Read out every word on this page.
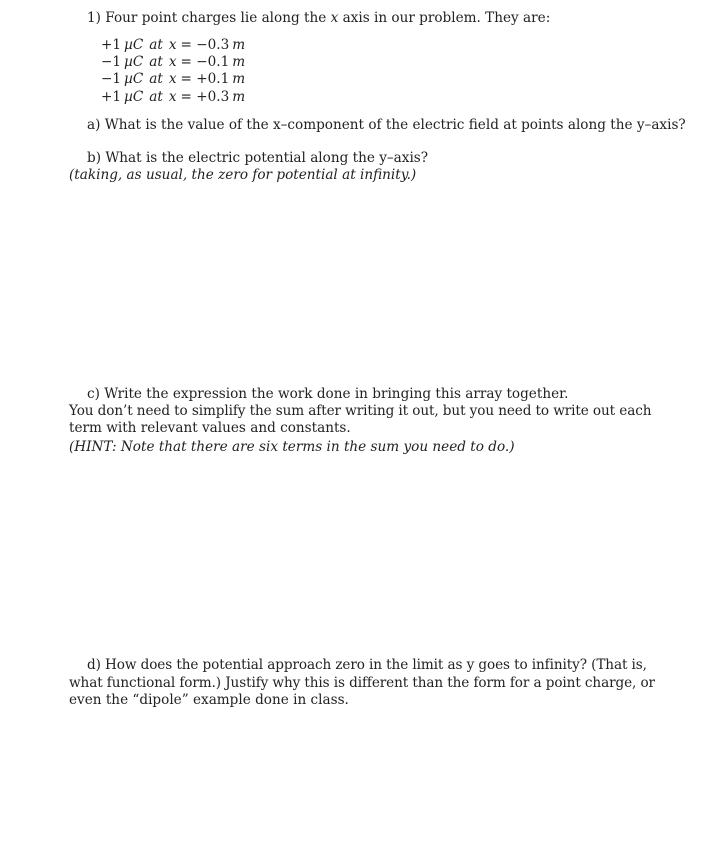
1) Four point charges lie along the x axis in our problem. They are:
+1 µC at x = −0.3 m
−1 µC at x = −0.1 m
−1 µC at x = +0.1 m
+1 µC at x = +0.3 m
a) What is the value of the x–component of the electric field at points along the y–axis?
b) What is the electric potential along the y–axis?
(taking, as usual, the zero for potential at infinity.)
c) Write the expression the work done in bringing this array together.
You don’t need to simplify the sum after writing it out, but you need to write out each
term with relevant values and constants.
(HINT: Note that there are six terms in the sum you need to do.)
d) How does the potential approach zero in the limit as y goes to infinity? (That is,
what functional form.) Justify why this is different than the form for a point charge, or
even the “dipole” example done in class.
